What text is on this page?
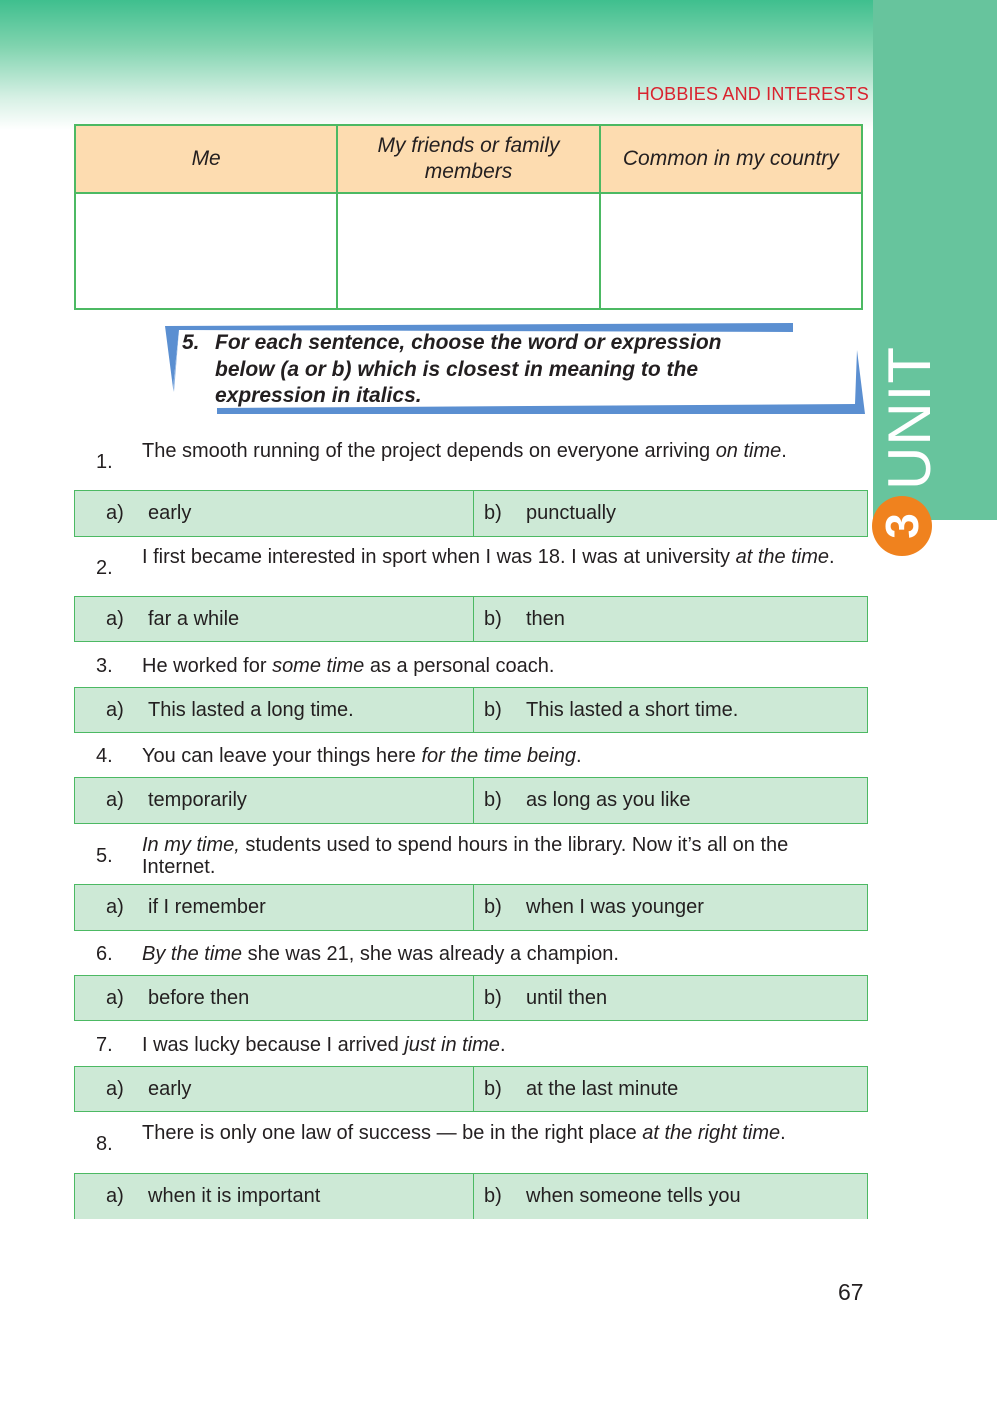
UNIT
3
HOBBIES AND INTERESTS
Me	My friends or family members	Common in my country

5. For each sentence, choose the word or expression
below (a or b) which is closest in meaning to the
expression in italics.
1. The smooth running of the project depends on everyone arriving on time.
a)	early	b)	punctually
2. I first became interested in sport when I was 18. I was at university at the time.
a)	far a while	b)	then
3. He worked for some time as a personal coach.
a)	This lasted a long time.	b)	This lasted a short time.
4. You can leave your things here for the time being.
a)	temporarily	b)	as long as you like
5. In my time, students used to spend hours in the library. Now it’s all on the Internet.
a)	if I remember	b)	when I was younger
6. By the time she was 21, she was already a champion.
a)	before then	b)	until then
7. I was lucky because I arrived just in time.
a)	early	b)	at the last minute
8. There is only one law of success — be in the right place at the right time.
a)	when it is important	b)	when someone tells you
67
